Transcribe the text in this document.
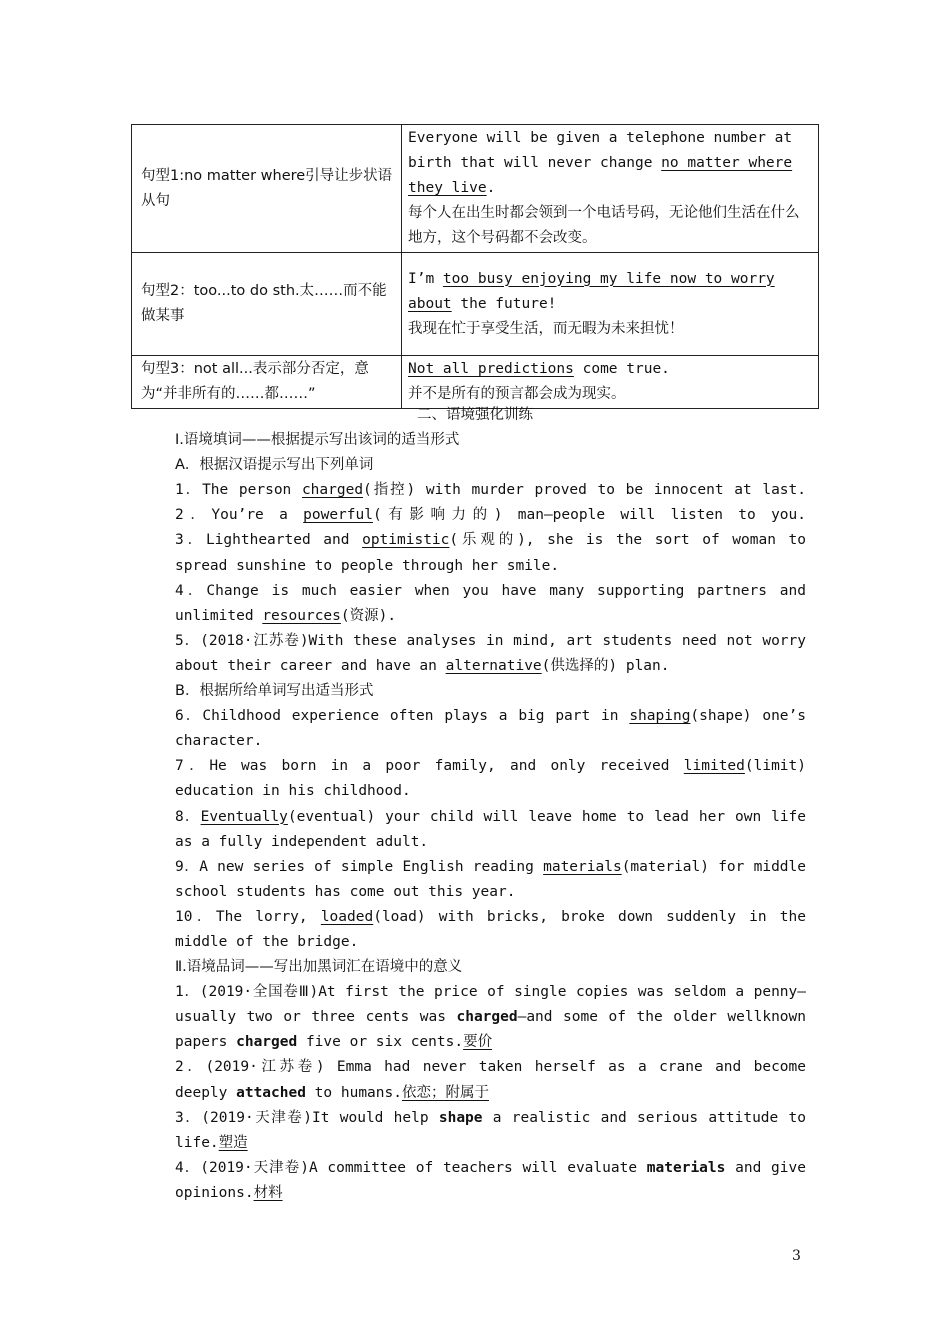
句型1:no matter where引导让步状语从句	Everyone will be given a telephone number at birth that will never change no matter where they live.
每个人在出生时都会领到一个电话号码，无论他们生活在什么地方，这个号码都不会改变。
句型2：too...to do sth.太……而不能做某事	I’m too busy enjoying my life now to worry about the future!
我现在忙于享受生活，而无暇为未来担忧！
句型3：not all...表示部分否定，意为“并非所有的……都……”	Not all predictions come true.
并不是所有的预言都会成为现实。
二、语境强化训练
Ⅰ.语境填词——根据提示写出该词的适当形式
A．根据汉语提示写出下列单词
1．The person charged(指控) with murder proved to be innocent at last.
2．You’re a powerful(有影响力的) man—people will listen to you.
3．Lighthearted and optimistic(乐观的), she is the sort of woman to spread sunshine to people through her smile.
4．Change is much easier when you have many supporting partners and unlimited resources(资源).
5．(2018·江苏卷)With these analyses in mind, art students need not worry about their career and have an alternative(供选择的) plan.
B．根据所给单词写出适当形式
6．Childhood experience often plays a big part in shaping(shape) one’s character.
7．He was born in a poor family, and only received limited(limit) education in his childhood.
8．Eventually(eventual) your child will leave home to lead her own life as a fully independent adult.
9．A new series of simple English reading materials(material) for middle school students has come out this year.
10．The lorry, loaded(load) with bricks, broke down suddenly in the middle of the bridge.
Ⅱ.语境品词——写出加黑词汇在语境中的意义
1．(2019·全国卷Ⅲ)At first the price of single copies was seldom a penny—usually two or three cents was charged—and some of the older wellknown papers charged five or six cents.要价
2．(2019·江苏卷) Emma had never taken herself as a crane and become deeply attached to humans.依恋；附属于
3．(2019·天津卷)It would help shape a realistic and serious attitude to life.塑造
4．(2019·天津卷)A committee of teachers will evaluate materials and give opinions.材料
3
